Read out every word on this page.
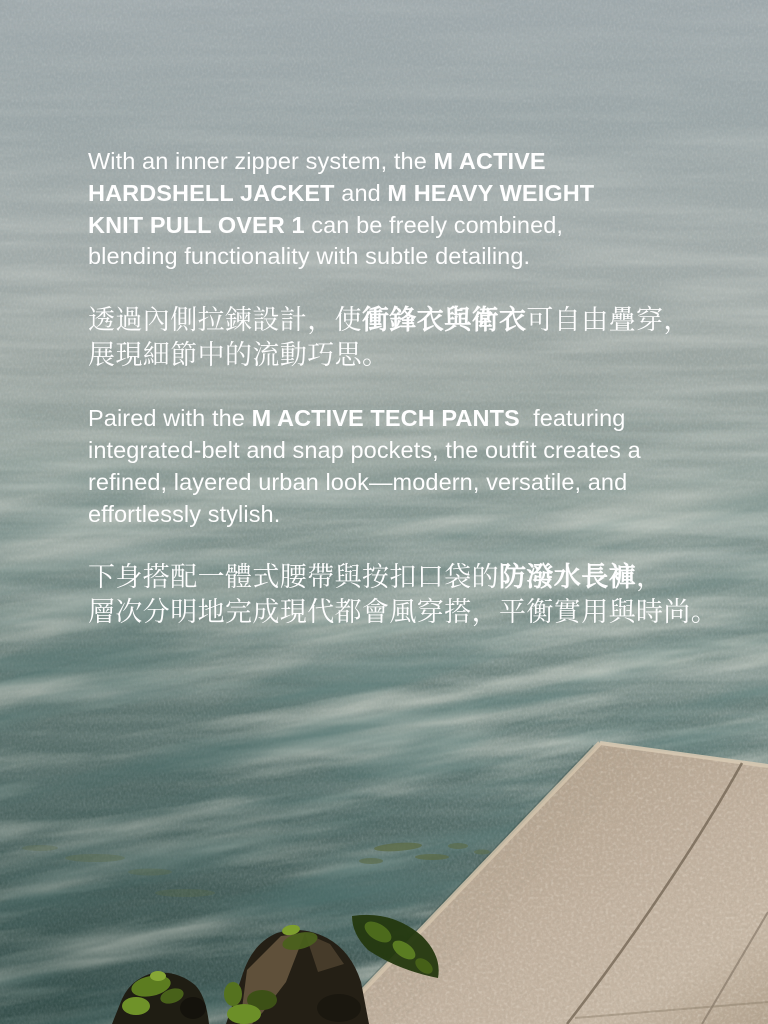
With an inner zipper system, the M ACTIVE
HARDSHELL JACKET and M HEAVY WEIGHT
KNIT PULL OVER 1 can be freely combined,
blending functionality with subtle detailing.
透過內側拉鍊設計，使衝鋒衣與衛衣可自由疊穿，
展現細節中的流動巧思。
Paired with the M ACTIVE TECH PANTS  featuring
integrated-belt and snap pockets, the outfit creates a
refined, layered urban look—modern, versatile, and
effortlessly stylish.
下身搭配一體式腰帶與按扣口袋的防潑水長褲，
層次分明地完成現代都會風穿搭，平衡實用與時尚。
